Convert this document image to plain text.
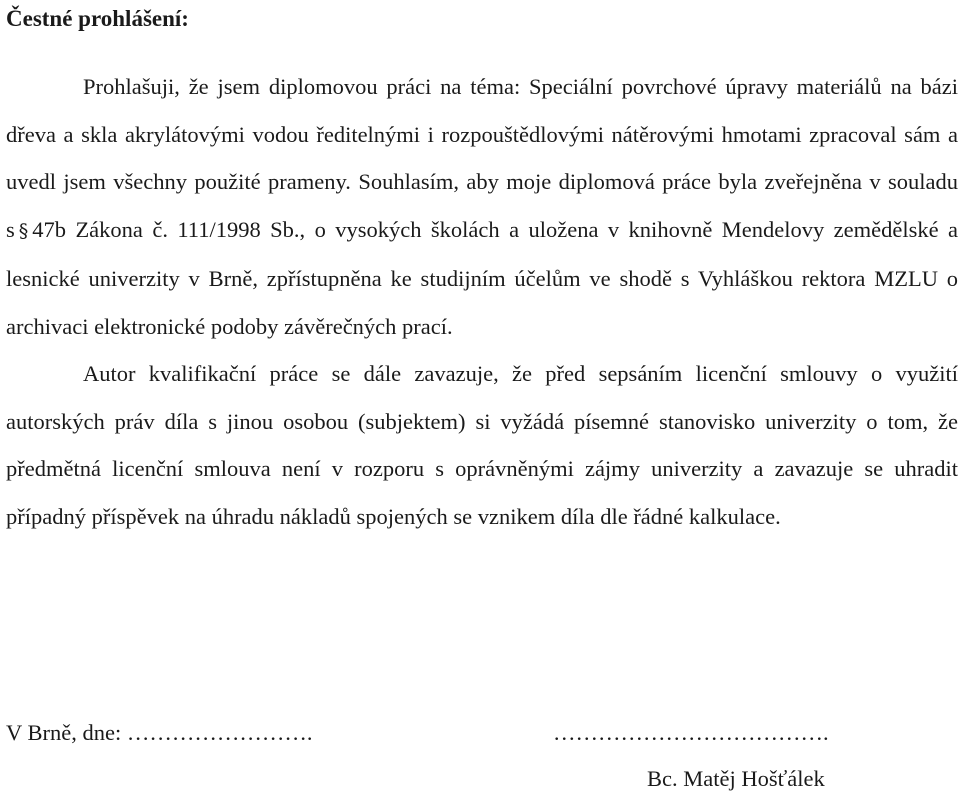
Čestné prohlášení:

Prohlašuji, že jsem diplomovou práci na téma: Speciální povrchové úpravy materiálů na bázi dřeva a skla akrylátovými vodou ředitelnými i rozpouštědlovými nátěrovými hmotami zpracoval sám a uvedl jsem všechny použité prameny. Souhlasím, aby moje diplomová práce byla zveřejněna v souladu s § 47b Zákona č. 111/1998 Sb., o vysokých školách a uložena v knihovně Mendelovy zemědělské a lesnické univerzity v Brně, zpřístupněna ke studijním účelům ve shodě s Vyhláškou rektora MZLU o archivaci elektronické podoby závěrečných prací.

Autor kvalifikační práce se dále zavazuje, že před sepsáním licenční smlouvy o využití autorských práv díla s jinou osobou (subjektem) si vyžádá písemné stanovisko univerzity o tom, že předmětná licenční smlouva není v rozporu s oprávněnými zájmy univerzity a zavazuje se uhradit případný příspěvek na úhradu nákladů spojených se vznikem díla dle řádné kalkulace.

V Brně, dne: …………………….	……………………………….
Bc. Matěj Hošťálek
